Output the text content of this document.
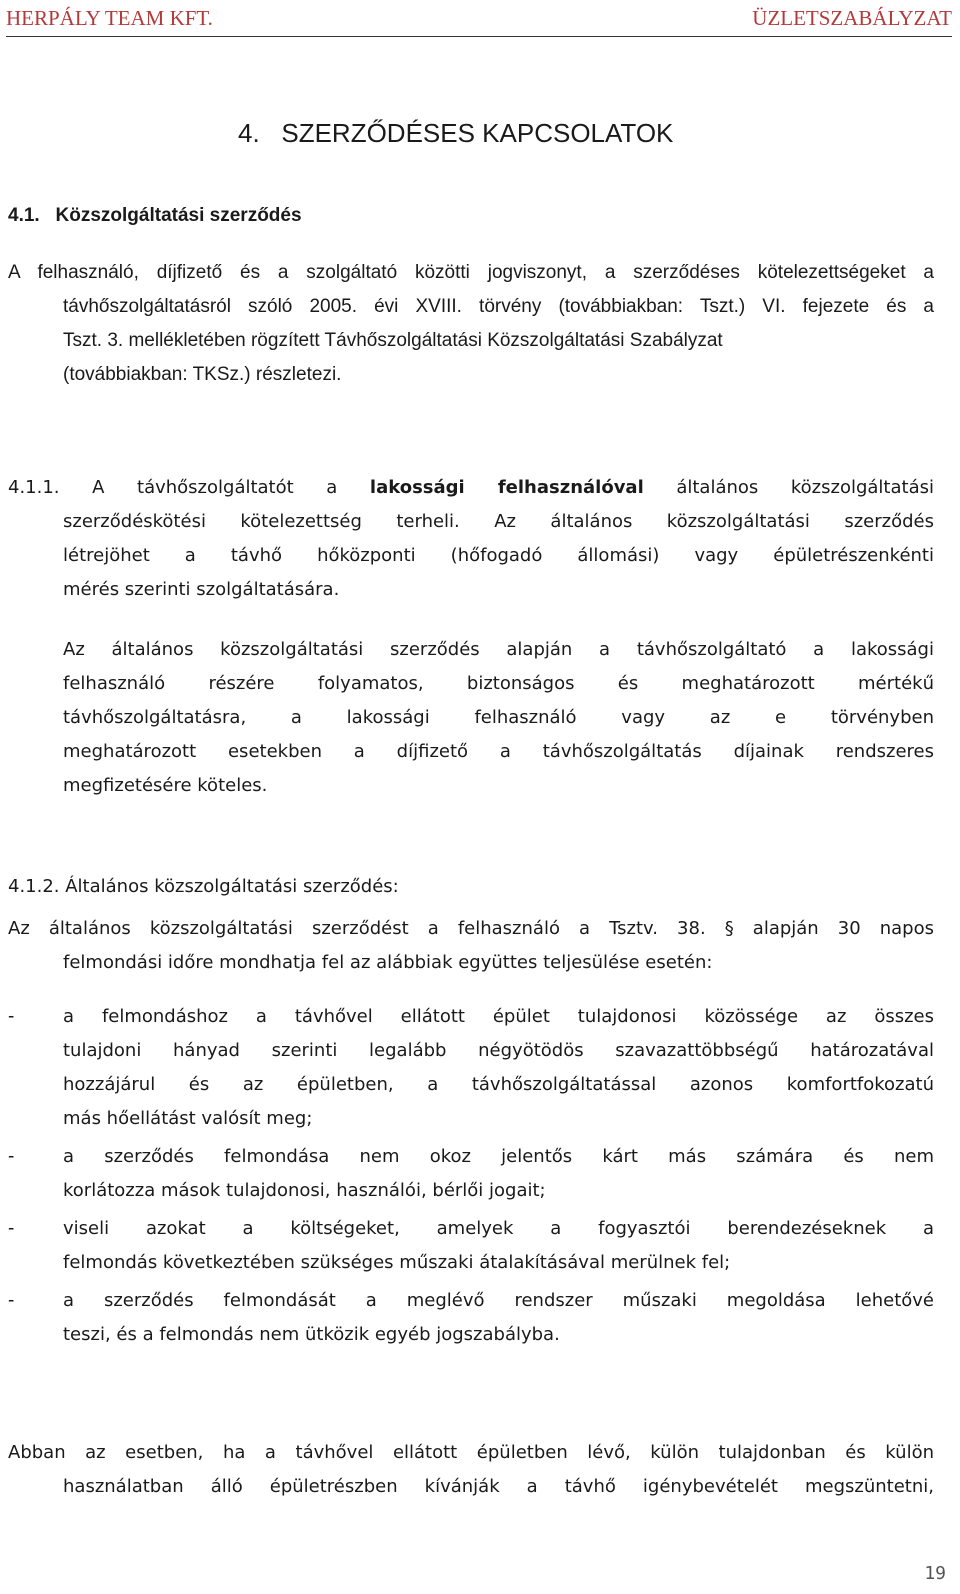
HERPÁLY TEAM KFT.	ÜZLETSZABÁLYZAT
4.   SZERZŐDÉSES KAPCSOLATOK
4.1.   Közszolgáltatási szerződés
A felhasználó, díjfizető és a szolgáltató közötti jogviszonyt, a szerződéses kötelezettségeket a
távhőszolgáltatásról szóló 2005. évi XVIII. törvény (továbbiakban: Tszt.) VI. fejezete és a
Tszt. 3. mellékletében rögzített Távhőszolgáltatási Közszolgáltatási Szabályzat
(továbbiakban: TKSz.) részletezi.
4.1.1. A távhőszolgáltatót a lakossági felhasználóval általános közszolgáltatási
szerződéskötési kötelezettség terheli. Az általános közszolgáltatási szerződés
létrejöhet a távhő hőközponti (hőfogadó állomási) vagy épületrészenkénti
mérés szerinti szolgáltatására.
Az általános közszolgáltatási szerződés alapján a távhőszolgáltató a lakossági
felhasználó részére folyamatos, biztonságos és meghatározott mértékű
távhőszolgáltatásra, a lakossági felhasználó vagy az e törvényben
meghatározott esetekben a díjfizető a távhőszolgáltatás díjainak rendszeres
megfizetésére köteles.
4.1.2. Általános közszolgáltatási szerződés:
Az általános közszolgáltatási szerződést a felhasználó a Tsztv. 38. § alapján 30 napos
felmondási időre mondhatja fel az alábbiak együttes teljesülése esetén:
-	a felmondáshoz a távhővel ellátott épület tulajdonosi közössége az összes
tulajdoni hányad szerinti legalább négyötödös szavazattöbbségű határozatával
hozzájárul és az épületben, a távhőszolgáltatással azonos komfortfokozatú
más hőellátást valósít meg;
-	a szerződés felmondása nem okoz jelentős kárt más számára és nem
korlátozza mások tulajdonosi, használói, bérlői jogait;
-	viseli azokat a költségeket, amelyek a fogyasztói berendezéseknek a
felmondás következtében szükséges műszaki átalakításával merülnek fel;
-	a szerződés felmondását a meglévő rendszer műszaki megoldása lehetővé
teszi, és a felmondás nem ütközik egyéb jogszabályba.
Abban az esetben, ha a távhővel ellátott épületben lévő, külön tulajdonban és külön
használatban álló épületrészben kívánják a távhő igénybevételét megszüntetni,
19
